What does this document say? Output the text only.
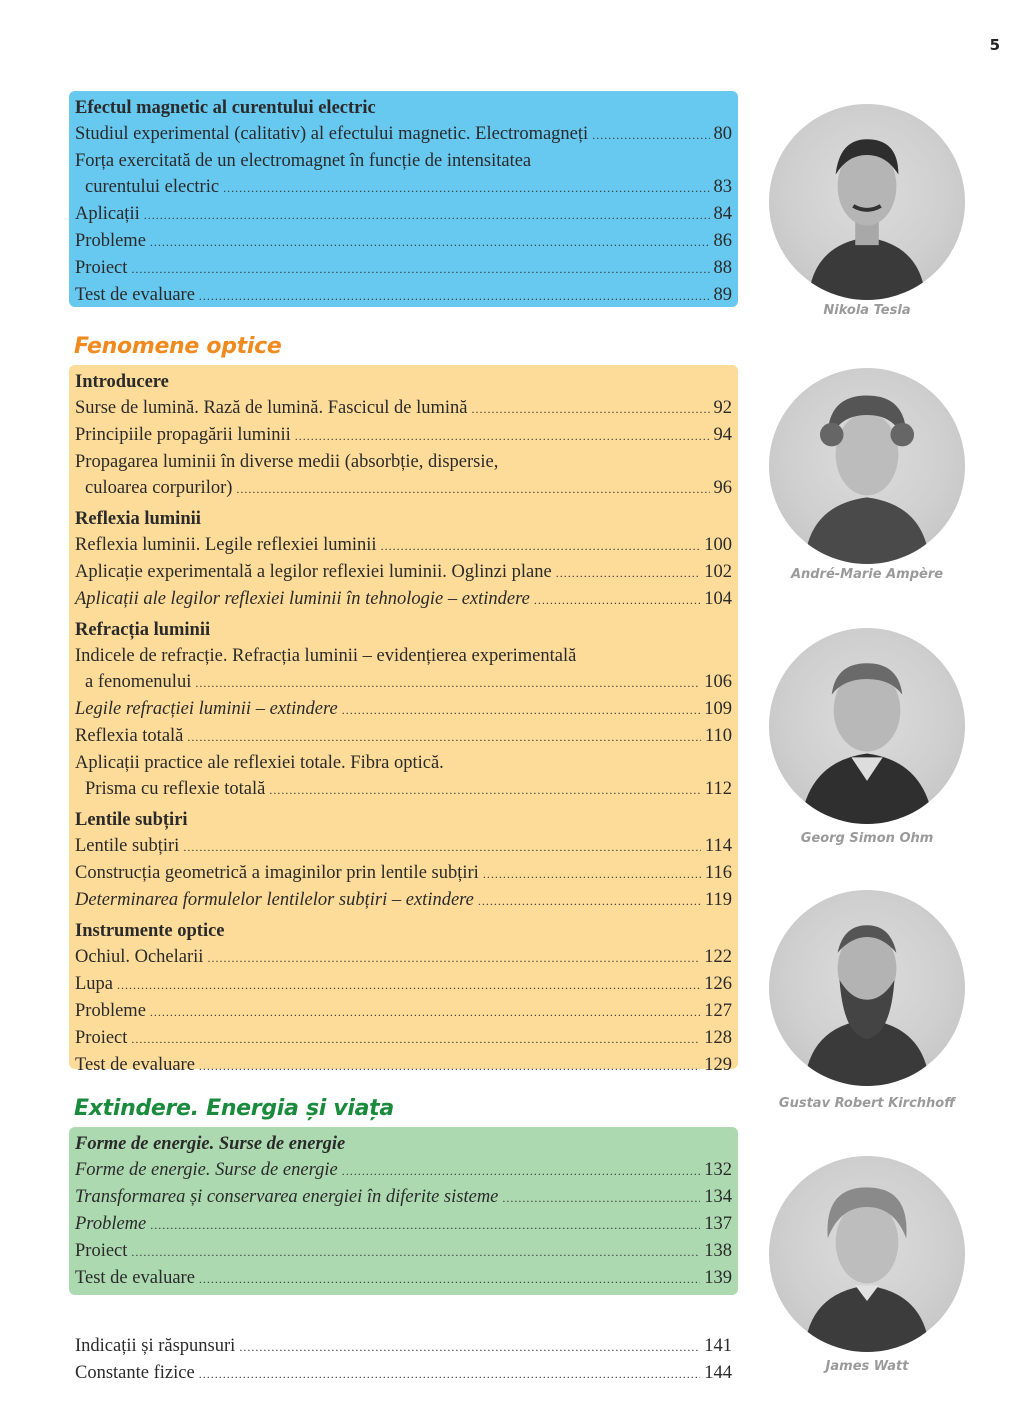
5
Efectul magnetic al curentului electric
Studiul experimental (calitativ) al efectului magnetic. Electromagneți .....	80
Forța exercitată de un electromagnet în funcție de intensitatea
curentului electric .....	83
Aplicații .....	84
Probleme .....	86
Proiect .....	88
Test de evaluare .....	89
Fenomene optice
Introducere
Surse de lumină. Rază de lumină. Fascicul de lumină .....	92
Principiile propagării luminii .....	94
Propagarea luminii în diverse medii (absorbție, dispersie,
culoarea corpurilor) .....	96
Reflexia luminii
Reflexia luminii. Legile reflexiei luminii .....	100
Aplicație experimentală a legilor reflexiei luminii. Oglinzi plane .....	102
Aplicații ale legilor reflexiei luminii în tehnologie – extindere .....	104
Refracția luminii
Indicele de refracție. Refracția luminii – evidențierea experimentală
a fenomenului .....	106
Legile refracției luminii – extindere .....	109
Reflexia totală .....	110
Aplicații practice ale reflexiei totale. Fibra optică.
Prisma cu reflexie totală .....	112
Lentile subțiri
Lentile subțiri .....	114
Construcția geometrică a imaginilor prin lentile subțiri .....	116
Determinarea formulelor lentilelor subțiri – extindere .....	119
Instrumente optice
Ochiul. Ochelarii .....	122
Lupa .....	126
Probleme .....	127
Proiect .....	128
Test de evaluare .....	129
Extindere. Energia și viața
Forme de energie. Surse de energie
Forme de energie. Surse de energie .....	132
Transformarea și conservarea energiei în diferite sisteme .....	134
Probleme .....	137
Proiect .....	138
Test de evaluare .....	139
Indicații și răspunsuri .....	141
Constante fizice .....	144
Nikola Tesla
André-Marie Ampère
Georg Simon Ohm
Gustav Robert Kirchhoff
James Watt
